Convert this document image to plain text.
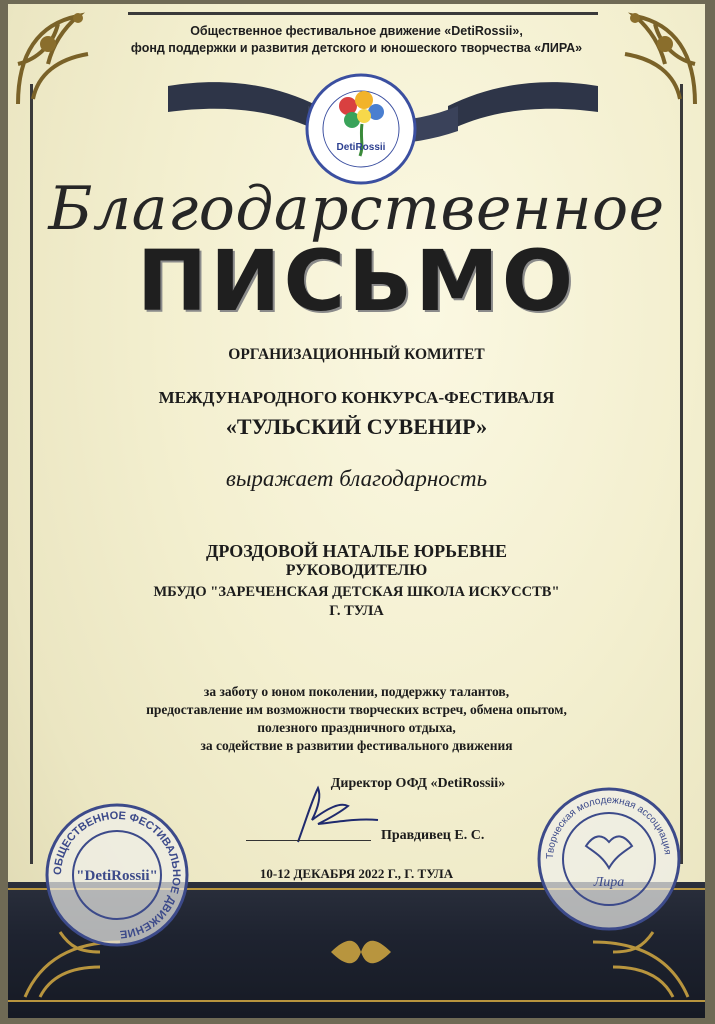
Общественное фестивальное движение «DetiRossii»,
фонд поддержки и развития детского и юношеского творчества «ЛИРА»
DetiRossii
Благодарственное
ПИСЬМО
ОРГАНИЗАЦИОННЫЙ КОМИТЕТ
МЕЖДУНАРОДНОГО КОНКУРСА-ФЕСТИВАЛЯ
«ТУЛЬСКИЙ СУВЕНИР»
выражает благодарность
ДРОЗДОВОЙ НАТАЛЬЕ ЮРЬЕВНЕ
РУКОВОДИТЕЛЮ
МБУДО "ЗАРЕЧЕНСКАЯ ДЕТСКАЯ ШКОЛА ИСКУССТВ"
Г. ТУЛА
за заботу о юном поколении, поддержку талантов,
предоставление им возможности творческих встреч, обмена опытом,
полезного праздничного отдыха,
за содействие в развитии фестивального движения
Директор ОФД «DetiRossii»
Правдивец Е. С.
10-12 ДЕКАБРЯ 2022 Г., Г. ТУЛА
ОБЩЕСТВЕННОЕ ФЕСТИВАЛЬНОЕ ДВИЖЕНИЕ
"DetiRossii"
Творческая молодежная ассоциация
Лира
